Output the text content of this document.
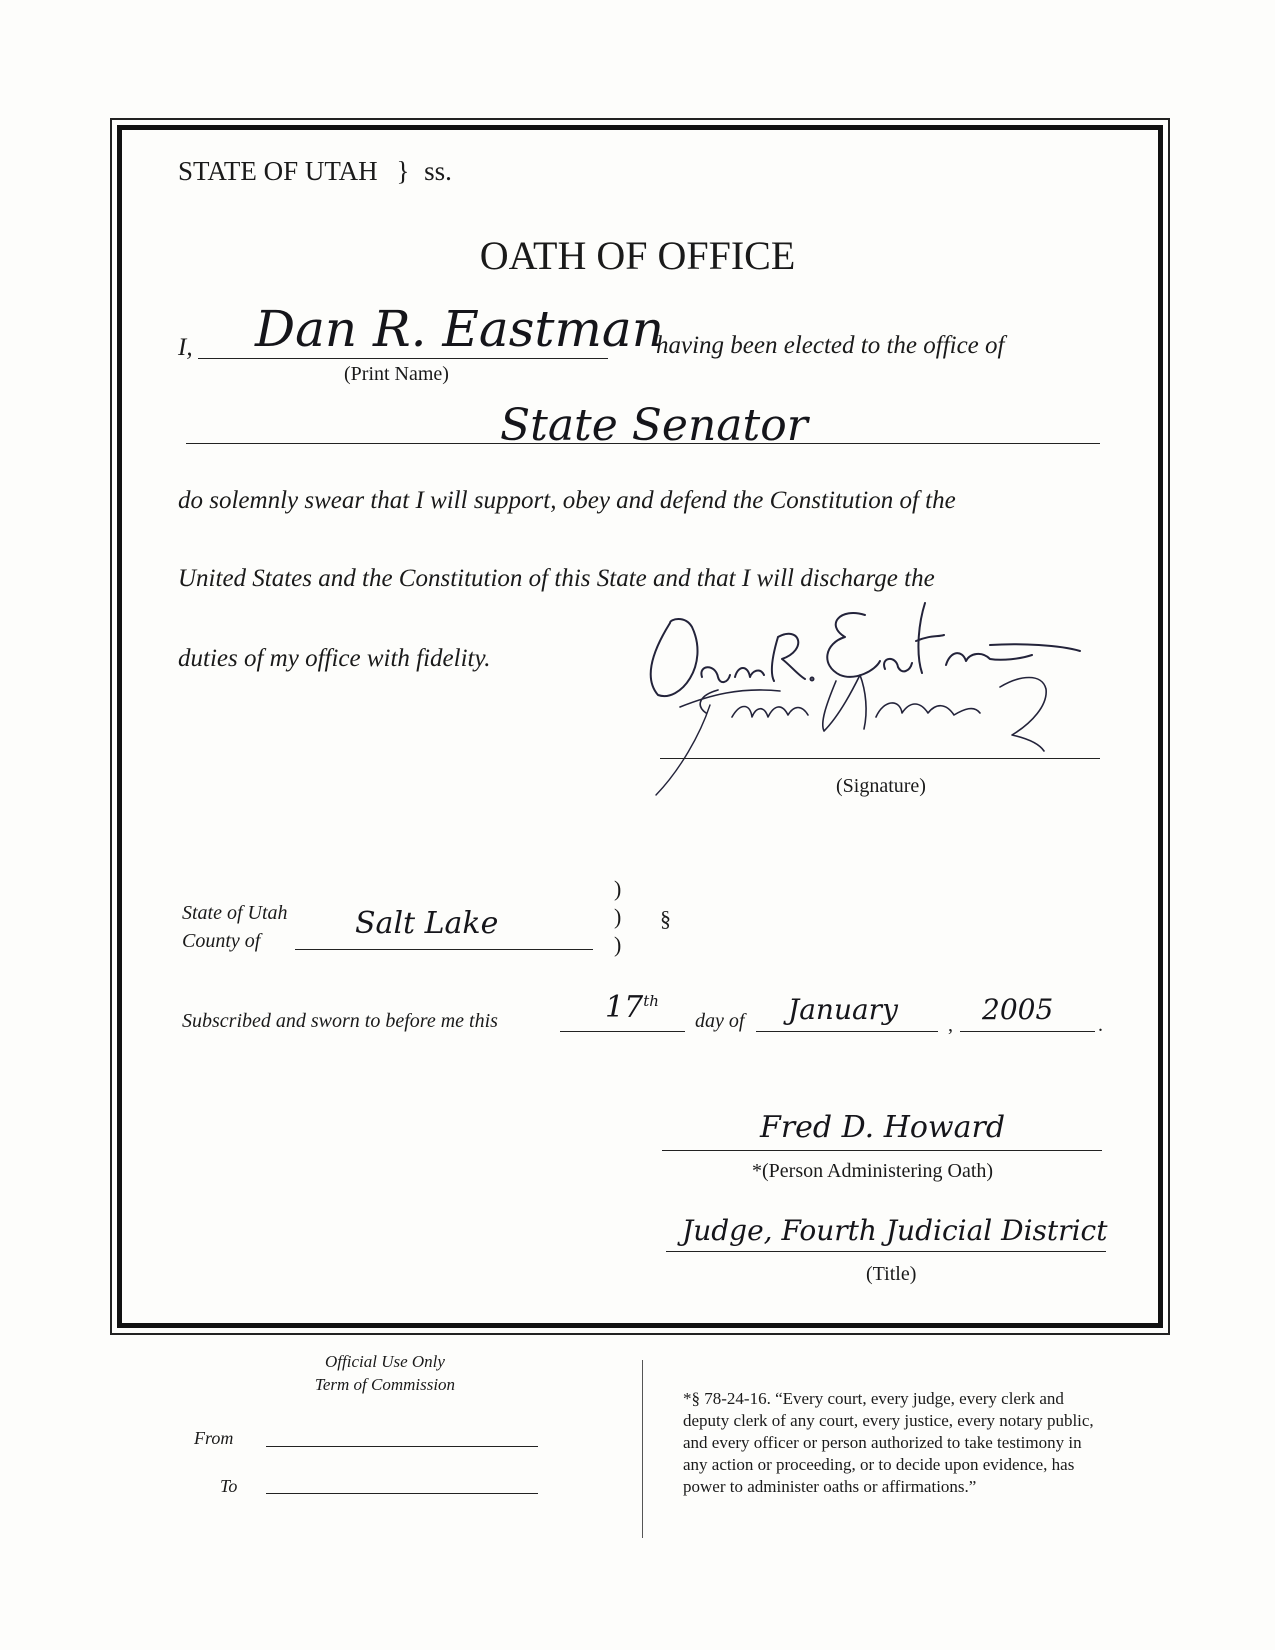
STATE OF UTAH } ss.
OATH OF OFFICE
I, Dan R. Eastman
(Print Name)
having been elected to the office of
State Senator
do solemnly swear that I will support, obey and defend the Constitution of the
United States and the Constitution of this State and that I will discharge the
duties of my office with fidelity.
(Signature)
State of Utah
County of	Salt Lake
)
)
)
§
Subscribed and sworn to before me this	17th
day of January	, 2005 .
Fred D. Howard
*(Person Administering Oath)
Judge, Fourth Judicial District
(Title)
Official Use Only
Term of Commission
From
To
*§ 78-24-16. “Every court, every judge, every clerk and
deputy clerk of any court, every justice, every notary public,
and every officer or person authorized to take testimony in
any action or proceeding, or to decide upon evidence, has
power to administer oaths or affirmations.”
